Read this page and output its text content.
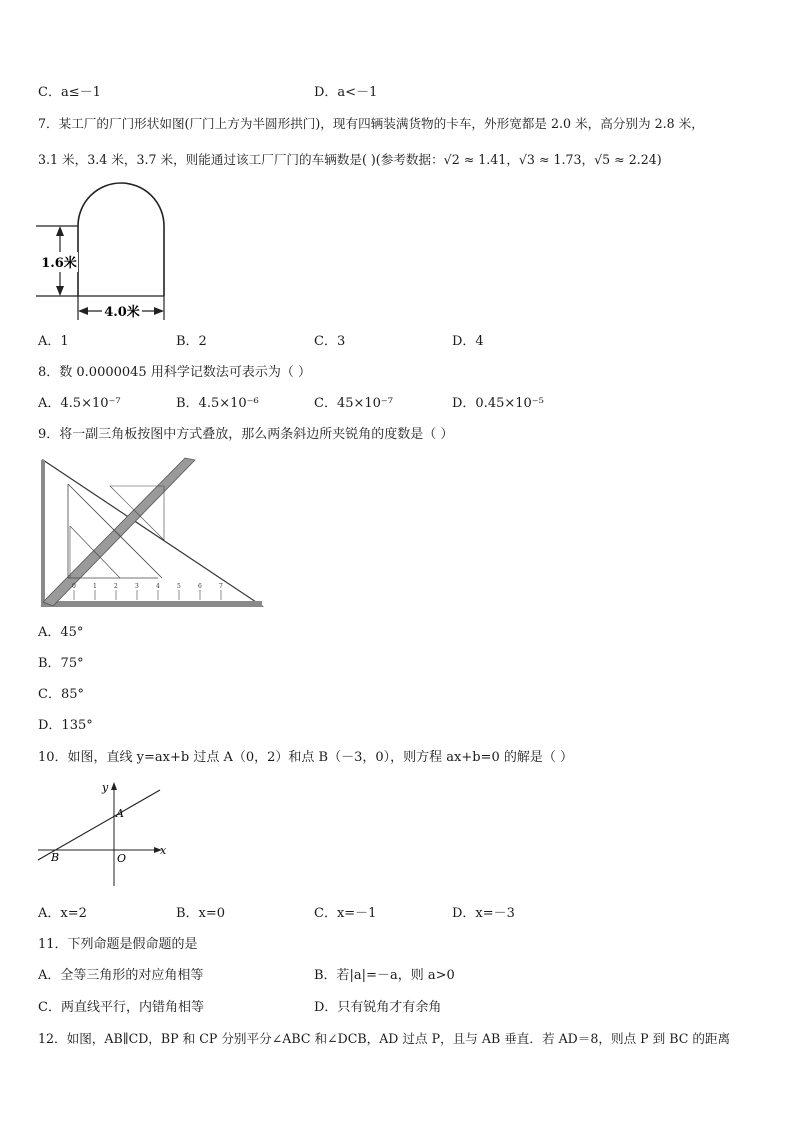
C．a≤－1	D．a<－1
7．某工厂的厂门形状如图(厂门上方为半圆形拱门)，现有四辆装满货物的卡车，外形宽都是 2.0 米，高分别为 2.8 米，
3.1 米，3.4 米，3.7 米，则能通过该工厂厂门的车辆数是( )(参考数据：√2 ≈ 1.41，√3 ≈ 1.73，√5 ≈ 2.24)
1.6米
4.0米
A．1	B．2	C．3	D．4
8．数 0.0000045 用科学记数法可表示为（ ）
A．4.5×10⁻⁷	B．4.5×10⁻⁶	C．45×10⁻⁷	D．0.45×10⁻⁵
9．将一副三角板按图中方式叠放，那么两条斜边所夹锐角的度数是（ ）
0	1	2	3	4	5	6	7
A．45°
B．75°
C．85°
D．135°
10．如图，直线 y=ax+b 过点 A（0，2）和点 B（－3，0），则方程 ax+b=0 的解是（ ）
x
y
A
B	O
A．x=2	B．x=0	C．x=－1	D．x=－3
11．下列命题是假命题的是
A．全等三角形的对应角相等	B．若|a|=－a，则 a>0
C．两直线平行，内错角相等	D．只有锐角才有余角
12．如图，AB∥CD，BP 和 CP 分别平分∠ABC 和∠DCB，AD 过点 P，且与 AB 垂直．若 AD＝8，则点 P 到 BC 的距离
